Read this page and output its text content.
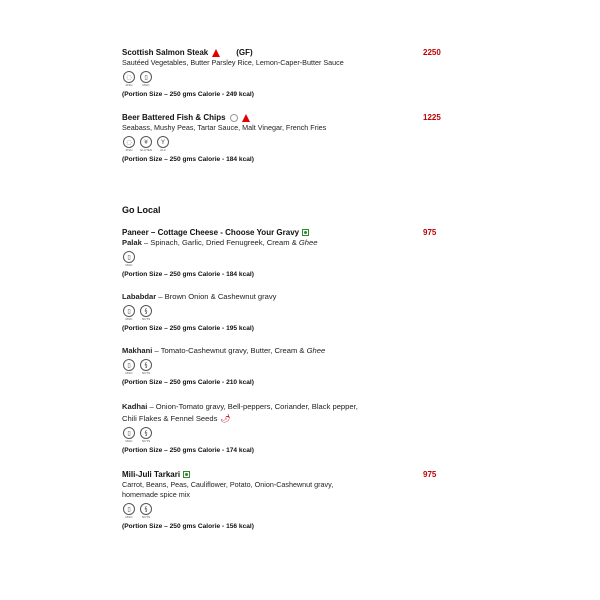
Scottish Salmon Steak	(GF)
Sautéed Vegetables, Butter Parsley Rice, Lemon-Caper-Butter Sauce
◌
FISH
▯
MILK
(Portion Size – 250 gms Calorie - 249 kcal)
2250
Beer Battered Fish & Chips
Seabass, Mushy Peas, Tartar Sauce, Malt Vinegar, French Fries
◌
FISH
¥
GLUTEN
Y
ALC
(Portion Size – 250 gms Calorie - 184 kcal)
1225
Go Local
Paneer – Cottage Cheese - Choose Your Gravy
Palak – Spinach, Garlic, Dried Fenugreek, Cream & Ghee
▯
MILK
(Portion Size – 250 gms Calorie - 184 kcal)
975
Lababdar – Brown Onion & Cashewnut gravy
▯
MILK
§
NUTS
(Portion Size – 250 gms Calorie - 195 kcal)
Makhani – Tomato-Cashewnut gravy, Butter, Cream & Ghee
▯
MILK
§
NUTS
(Portion Size – 250 gms Calorie - 210 kcal)
Kadhai – Onion-Tomato gravy, Bell-peppers, Coriander, Black pepper,
Chili Flakes & Fennel Seeds 🌶
▯
MILK
§
NUTS
(Portion Size – 250 gms Calorie - 174 kcal)
Mili-Juli Tarkari
Carrot, Beans, Peas, Cauliflower, Potato, Onion-Cashewnut gravy,
homemade spice mix
▯
MILK
§
NUTS
(Portion Size – 250 gms Calorie - 156 kcal)
975
